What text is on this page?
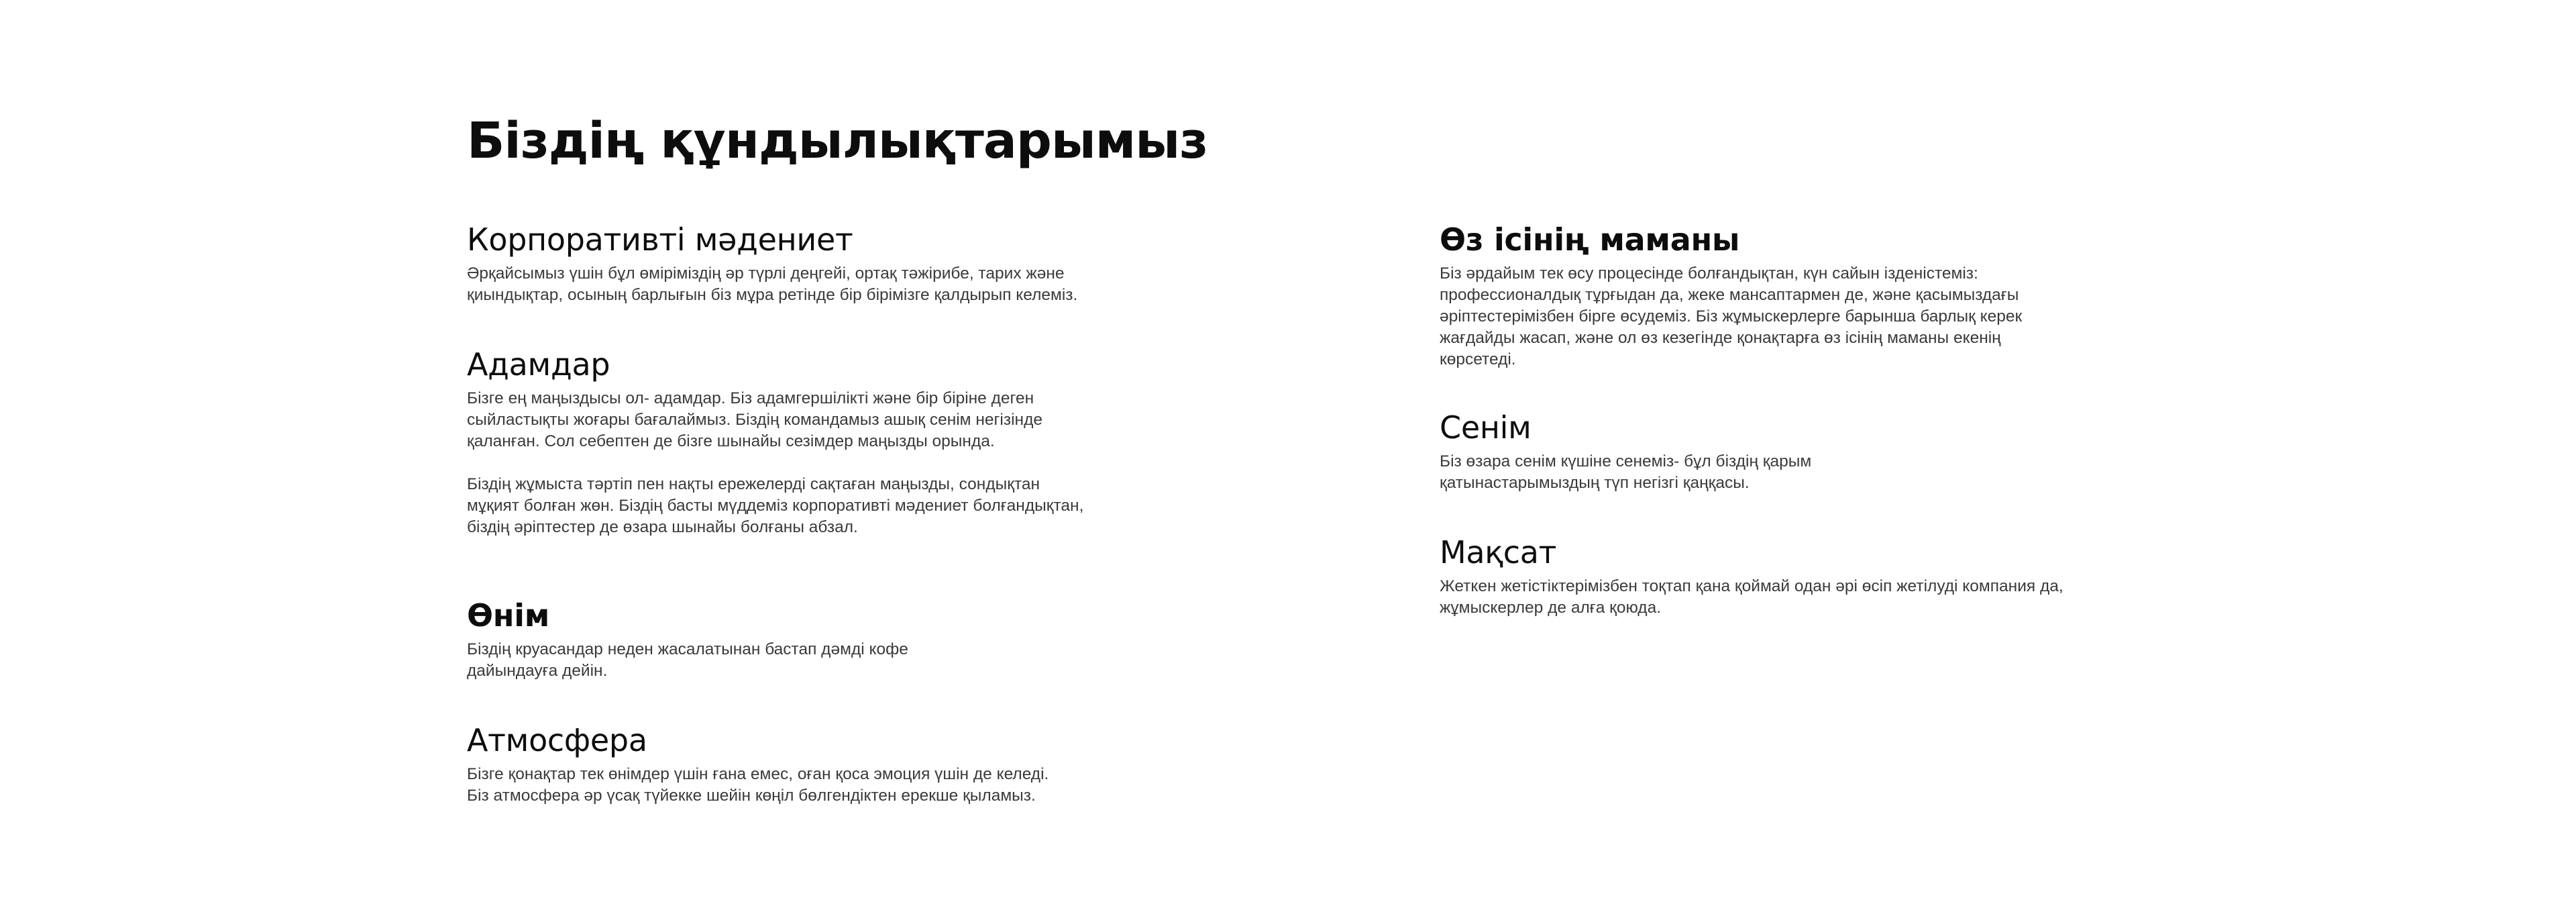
Біздің құндылықтарымыз
Корпоративті мәдениет

Әрқайсымыз үшін бұл өміріміздің әр түрлі деңгейі, ортақ тәжірибе, тарих және
қиындықтар, осының барлығын біз мұра ретінде бір бірімізге қалдырып келеміз.

Адамдар

Бізге ең маңыздысы ол- адамдар. Біз адамгершілікті және бір біріне деген
сыйластықты жоғары бағалаймыз. Біздің командамыз ашық сенім негізінде
қаланған. Сол себептен де бізге шынайы сезімдер маңызды орында.

Біздің жұмыста тәртіп пен нақты ережелерді сақтаған маңызды, сондықтан
мұқият болған жөн. Біздің басты мүддеміз корпоративті мәдениет болғандықтан,
біздің әріптестер де өзара шынайы болғаны абзал.

Өнім

Біздің круасандар неден жасалатынан бастап дәмді кофе
дайындауға дейін.

Атмосфера

Бізге қонақтар тек өнімдер үшін ғана емес, оған қоса эмоция үшін де келеді.
Біз атмосфера әр үсақ түйекке шейін көңіл бөлгендіктен ерекше қыламыз.

Өз ісінің маманы

Біз әрдайым тек өсу процесінде болғандықтан, күн сайын ізденістеміз:
профессионалдық тұрғыдан да, жеке мансаптармен де, және қасымыздағы
әріптестерімізбен бірге өсудеміз. Біз жұмыскерлерге барынша барлық керек
жағдайды жасап, және ол өз кезегінде қонақтарға өз ісінің маманы екенің
көрсетеді.

Сенім

Біз өзара сенім күшіне сенеміз- бұл біздің қарым
қатынастарымыздың түп негізгі қаңқасы.

Мақсат

Жеткен жетістіктерімізбен тоқтап қана қоймай одан әрі өсіп жетілуді компания да,
жұмыскерлер де алға қоюда.
